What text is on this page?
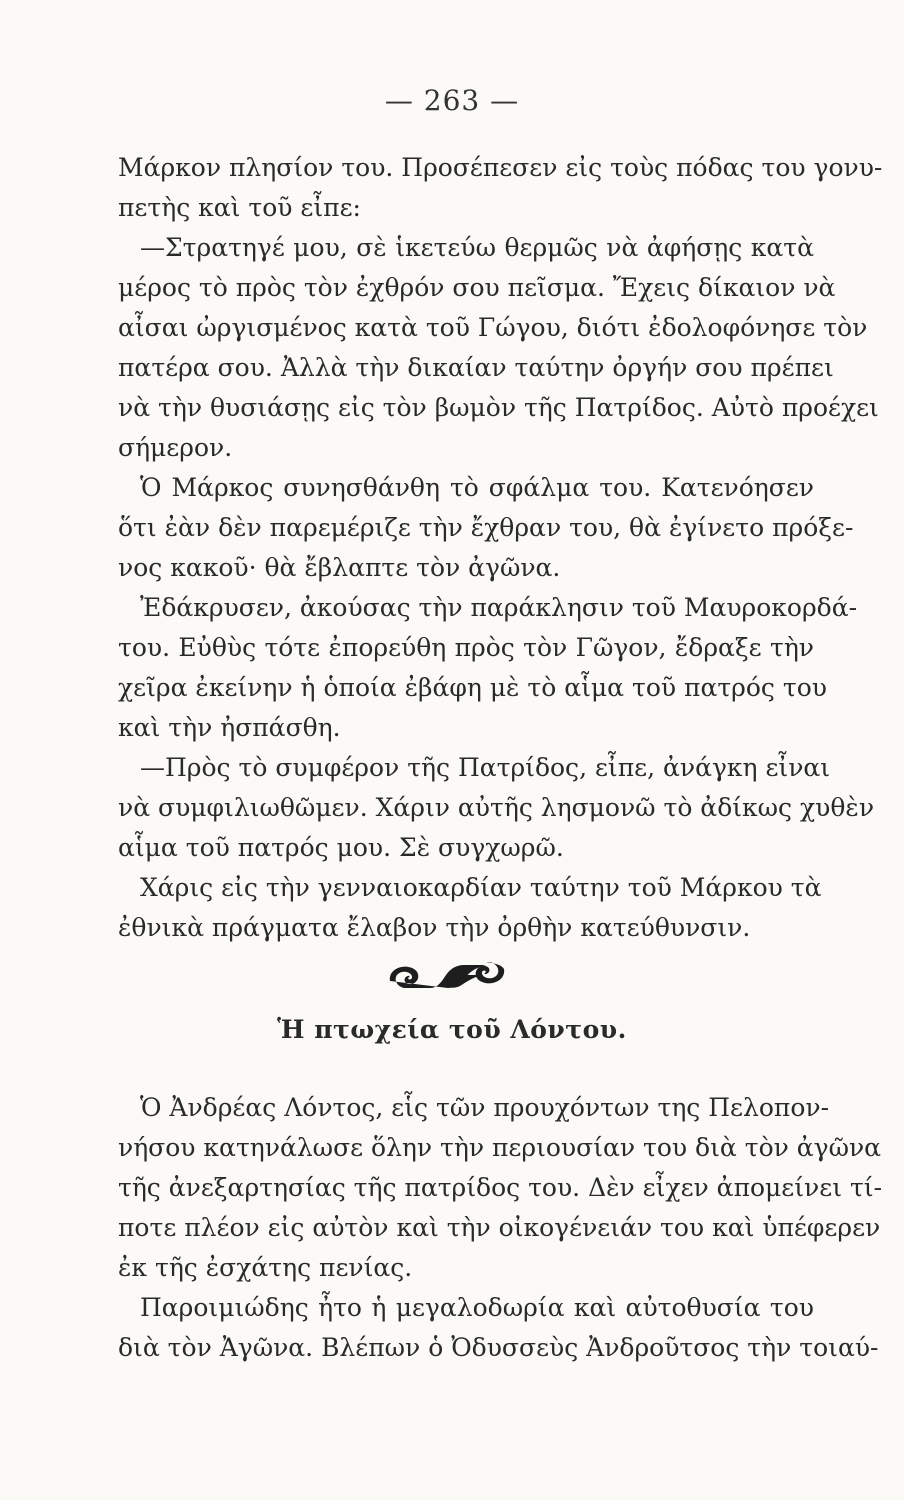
— 263 —
Μάρκον πλησίον του. Προσέπεσεν εἰς τοὺς πόδας του γονυ-
πετὴς καὶ τοῦ εἶπε:
—Στρατηγέ μου, σὲ ἱκετεύω θερμῶς νὰ ἀφήσῃς κατὰ
μέρος τὸ πρὸς τὸν ἐχθρόν σου πεῖσμα. Ἔχεις δίκαιον νὰ
αἶσαι ὠργισμένος κατὰ τοῦ Γώγου, διότι ἐδολοφόνησε τὸν
πατέρα σου. Ἀλλὰ τὴν δικαίαν ταύτην ὀργήν σου πρέπει
νὰ τὴν θυσιάσῃς εἰς τὸν βωμὸν τῆς Πατρίδος. Αὐτὸ προέχει
σήμερον.
Ὁ Μάρκος συνησθάνθη τὸ σφάλμα του. Κατενόησεν
ὅτι ἐὰν δὲν παρεμέριζε τὴν ἔχθραν του, θὰ ἐγίνετο πρόξε-
νος κακοῦ· θὰ ἔβλαπτε τὸν ἀγῶνα.
Ἐδάκρυσεν, ἀκούσας τὴν παράκλησιν τοῦ Μαυροκορδά-
του. Εὐθὺς τότε ἐπορεύθη πρὸς τὸν Γῶγον, ἔδραξε τὴν
χεῖρα ἐκείνην ἡ ὁποία ἐβάφη μὲ τὸ αἷμα τοῦ πατρός του
καὶ τὴν ἠσπάσθη.
—Πρὸς τὸ συμφέρον τῆς Πατρίδος, εἶπε, ἀνάγκη εἶναι
νὰ συμφιλιωθῶμεν. Χάριν αὐτῆς λησμονῶ τὸ ἀδίκως χυθὲν
αἷμα τοῦ πατρός μου. Σὲ συγχωρῶ.
Χάρις εἰς τὴν γενναιοκαρδίαν ταύτην τοῦ Μάρκου τὰ
ἐθνικὰ πράγματα ἔλαβον τὴν ὀρθὴν κατεύθυνσιν.
Ἡ πτωχεία τοῦ Λόντου.
Ὁ Ἀνδρέας Λόντος, εἷς τῶν προυχόντων της Πελοπον-
νήσου κατηνάλωσε ὅλην τὴν περιουσίαν του διὰ τὸν ἀγῶνα
τῆς ἀνεξαρτησίας τῆς πατρίδος του. Δὲν εἶχεν ἀπομείνει τί-
ποτε πλέον εἰς αὐτὸν καὶ τὴν οἰκογένειάν του καὶ ὑπέφερεν
ἐκ τῆς ἐσχάτης πενίας.
Παροιμιώδης ἦτο ἡ μεγαλοδωρία καὶ αὐτοθυσία του
διὰ τὸν Ἀγῶνα. Βλέπων ὁ Ὀδυσσεὺς Ἀνδροῦτσος τὴν τοιαύ-
